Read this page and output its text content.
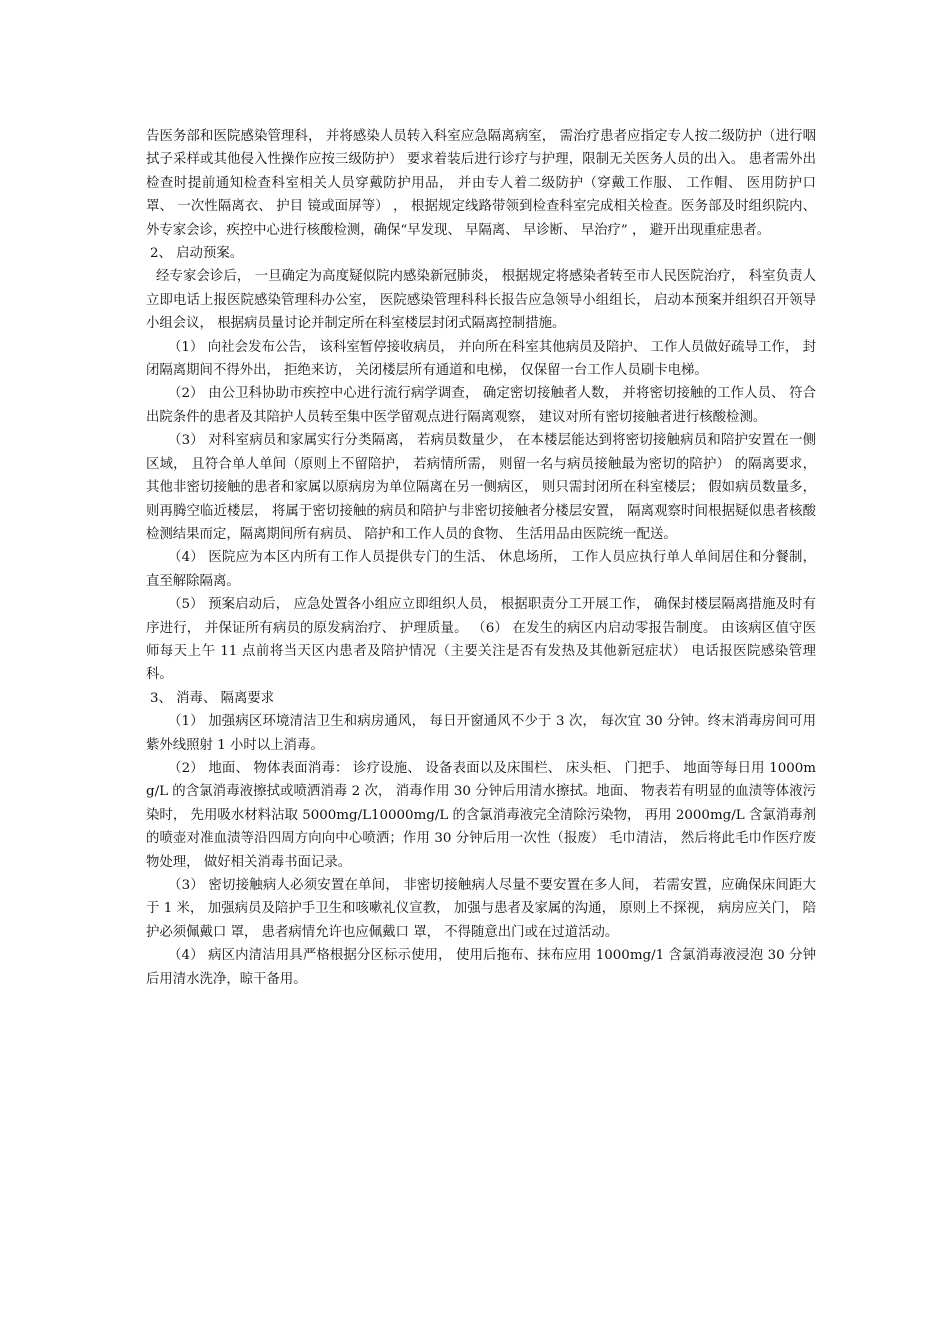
告医务部和医院感染管理科， 并将感染人员转入科室应急隔离病室， 需治疗患者应指定专人按二级防护（进行咽拭子采样或其他侵入性操作应按三级防护） 要求着装后进行诊疗与护理，限制无关医务人员的出入。 患者需外出检查时提前通知检查科室相关人员穿戴防护用品， 并由专人着二级防护（穿戴工作服、 工作帽、 医用防护口 罩、 一次性隔离衣、 护目 镜或面屏等） ， 根据规定线路带领到检查科室完成相关检查。医务部及时组织院内、 外专家会诊，疾控中心进行核酸检测，确保“早发现、 早隔离、 早诊断、 早治疗” ， 避开出现重症患者。

2、 启动预案。

经专家会诊后， 一旦确定为高度疑似院内感染新冠肺炎， 根据规定将感染者转至市人民医院治疗， 科室负责人立即电话上报医院感染管理科办公室， 医院感染管理科科长报告应急领导小组组长， 启动本预案并组织召开领导小组会议， 根据病员量讨论并制定所在科室楼层封闭式隔离控制措施。

（1） 向社会发布公告， 该科室暂停接收病员， 并向所在科室其他病员及陪护、 工作人员做好疏导工作， 封闭隔离期间不得外出， 拒绝来访， 关闭楼层所有通道和电梯， 仅保留一台工作人员刷卡电梯。

（2） 由公卫科协助市疾控中心进行流行病学调查， 确定密切接触者人数， 并将密切接触的工作人员、 符合出院条件的患者及其陪护人员转至集中医学留观点进行隔离观察， 建议对所有密切接触者进行核酸检测。

（3） 对科室病员和家属实行分类隔离， 若病员数量少， 在本楼层能达到将密切接触病员和陪护安置在一侧区域， 且符合单人单间（原则上不留陪护， 若病情所需， 则留一名与病员接触最为密切的陪护） 的隔离要求， 其他非密切接触的患者和家属以原病房为单位隔离在另一侧病区， 则只需封闭所在科室楼层； 假如病员数量多， 则再腾空临近楼层， 将属于密切接触的病员和陪护与非密切接触者分楼层安置， 隔离观察时间根据疑似患者核酸检测结果而定，隔离期间所有病员、 陪护和工作人员的食物、 生活用品由医院统一配送。

（4） 医院应为本区内所有工作人员提供专门的生活、 休息场所， 工作人员应执行单人单间居住和分餐制， 直至解除隔离。

（5） 预案启动后， 应急处置各小组应立即组织人员， 根据职责分工开展工作， 确保封楼层隔离措施及时有序进行， 并保证所有病员的原发病治疗、 护理质量。 （6） 在发生的病区内启动零报告制度。 由该病区值守医师每天上午 11 点前将当天区内患者及陪护情况（主要关注是否有发热及其他新冠症状） 电话报医院感染管理科。

3、 消毒、 隔离要求

（1） 加强病区环境清洁卫生和病房通风， 每日开窗通风不少于 3 次， 每次宜 30 分钟。终末消毒房间可用紫外线照射 1 小时以上消毒。

（2） 地面、 物体表面消毒： 诊疗设施、 设备表面以及床围栏、 床头柜、 门把手、 地面等每日用 1000mg/L 的含氯消毒液擦拭或喷洒消毒 2 次， 消毒作用 30 分钟后用清水擦拭。地面、 物表若有明显的血渍等体液污染时， 先用吸水材料沾取 5000mg/L10000mg/L 的含氯消毒液完全清除污染物， 再用 2000mg/L 含氯消毒剂的喷壶对准血渍等沿四周方向向中心喷洒；作用 30 分钟后用一次性（报废） 毛巾清洁， 然后将此毛巾作医疗废物处理， 做好相关消毒书面记录。

（3） 密切接触病人必须安置在单间， 非密切接触病人尽量不要安置在多人间， 若需安置，应确保床间距大于 1 米， 加强病员及陪护手卫生和咳嗽礼仪宣教， 加强与患者及家属的沟通， 原则上不探视， 病房应关门， 陪护必须佩戴口 罩， 患者病情允许也应佩戴口 罩， 不得随意出门或在过道活动。

（4） 病区内清洁用具严格根据分区标示使用， 使用后拖布、抹布应用 1000mg/1 含氯消毒液浸泡 30 分钟后用清水洗净，晾干备用。
